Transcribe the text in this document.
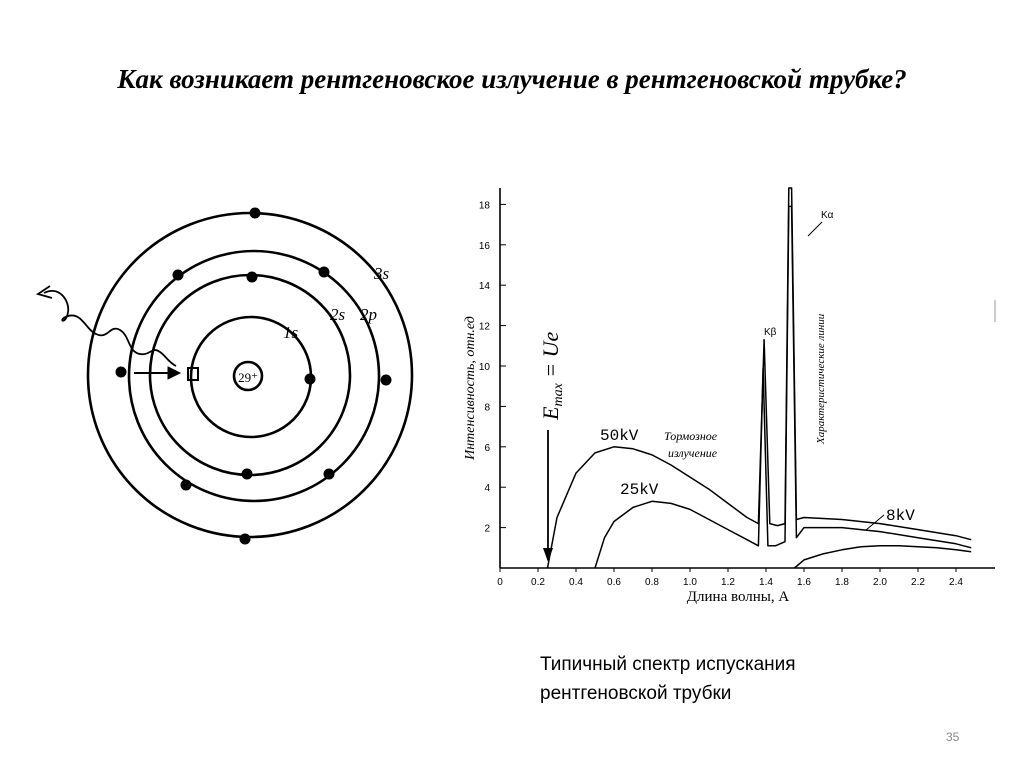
Как возникает рентгеновское излучение в рентгеновской трубке?
29⁺
1s
2s 2p
3s
2
4
6
8
10
12
14
16
18
0	0.2 0.4 0.6 0.8 1.0 1.2 1.4 1.6 1.8 2.0 2.2 2.4
Интенсивность, отн.ед
Длина волны, A
Emax = Ue
50kV
25kV
8kV
Тормозное
излучение
Характеристические линии
Kα
Kβ
Типичный спектр испускания
рентгеновской трубки
35
